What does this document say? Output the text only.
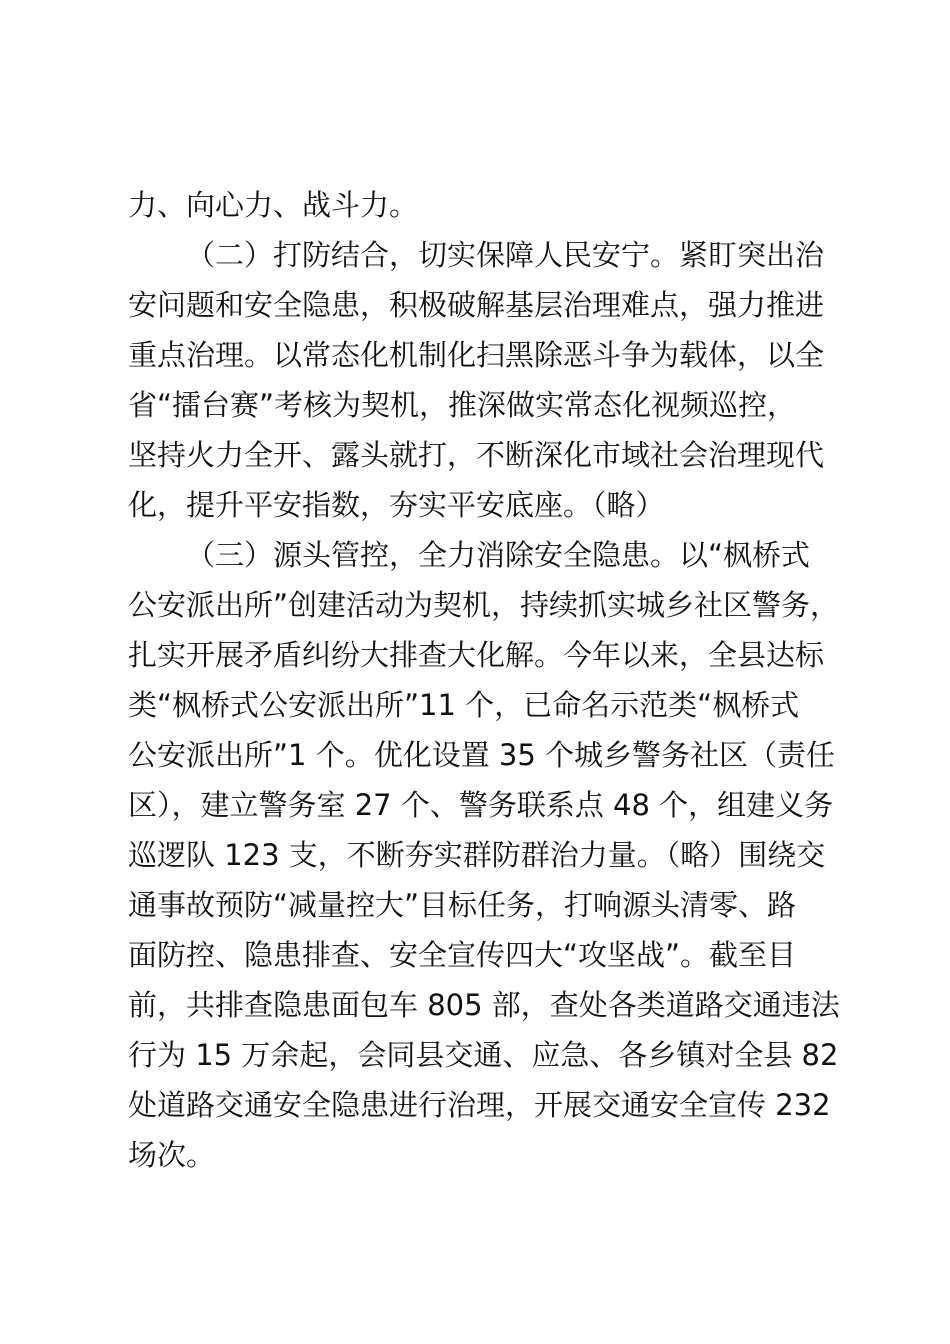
力、向心力、战斗力。
（二）打防结合，切实保障人民安宁。紧盯突出治
安问题和安全隐患，积极破解基层治理难点，强力推进
重点治理。以常态化机制化扫黑除恶斗争为载体，以全
省“擂台赛”考核为契机，推深做实常态化视频巡控，
坚持火力全开、露头就打，不断深化市域社会治理现代
化，提升平安指数，夯实平安底座。（略）
（三）源头管控，全力消除安全隐患。以“枫桥式
公安派出所”创建活动为契机，持续抓实城乡社区警务，
扎实开展矛盾纠纷大排查大化解。今年以来，全县达标
类“枫桥式公安派出所”11 个，已命名示范类“枫桥式
公安派出所”1 个。优化设置 35 个城乡警务社区（责任
区），建立警务室 27 个、警务联系点 48 个，组建义务
巡逻队 123 支，不断夯实群防群治力量。（略）围绕交
通事故预防“减量控大”目标任务，打响源头清零、路
面防控、隐患排查、安全宣传四大“攻坚战”。截至目
前，共排查隐患面包车 805 部，查处各类道路交通违法
行为 15 万余起，会同县交通、应急、各乡镇对全县 82
处道路交通安全隐患进行治理，开展交通安全宣传 232
场次。
